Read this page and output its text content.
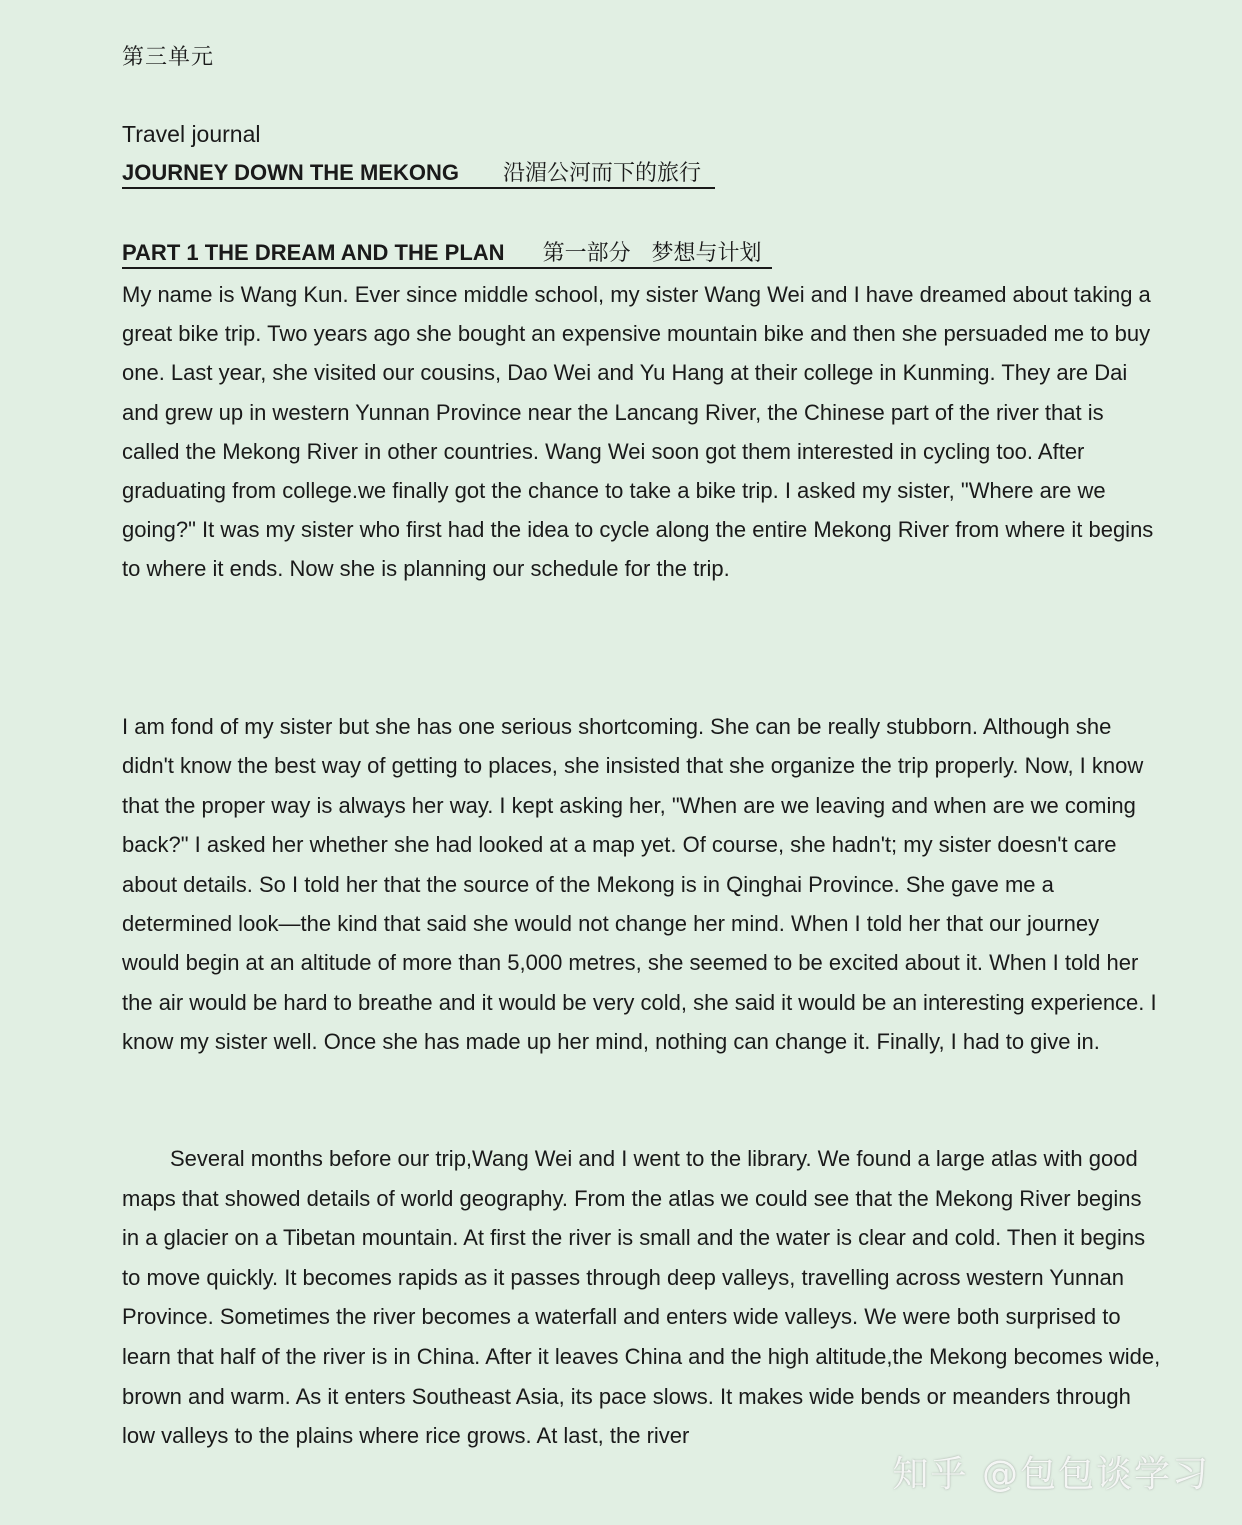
第三单元
Travel journal
JOURNEY DOWN THE MEKONG 沿湄公河而下的旅行
PART 1 THE DREAM AND THE PLAN 第一部分   梦想与计划

My name is Wang Kun. Ever since middle school, my sister Wang Wei and I have dreamed about taking a great bike trip. Two years ago she bought an expensive mountain bike and then she persuaded me to buy one. Last year, she visited our cousins, Dao Wei and Yu Hang at their college in Kunming. They are Dai and grew up in western Yunnan Province near the Lancang River, the Chinese part of the river that is called the Mekong River in other countries. Wang Wei soon got them interested in cycling too. After graduating from college.we finally got the chance to take a bike trip. I asked my sister, "Where are we going?" It was my sister who first had the idea to cycle along the entire Mekong River from where it begins to where it ends. Now she is planning our schedule for the trip.

I am fond of my sister but she has one serious shortcoming. She can be really stubborn. Although she didn't know the best way of getting to places, she insisted that she organize the trip properly. Now, I know that the proper way is always her way. I kept asking her, "When are we leaving and when are we coming back?" I asked her whether she had looked at a map yet. Of course, she hadn't; my sister doesn't care about details. So I told her that the source of the Mekong is in Qinghai Province. She gave me a determined look—the kind that said she would not change her mind. When I told her that our journey would begin at an altitude of more than 5,000 metres, she seemed to be excited about it. When I told her the air would be hard to breathe and it would be very cold, she said it would be an interesting experience. I know my sister well. Once she has made up her mind, nothing can change it. Finally, I had to give in.

Several months before our trip,Wang Wei and I went to the library. We found a large atlas with good maps that showed details of world geography. From the atlas we could see that the Mekong River begins in a glacier on a Tibetan mountain. At first the river is small and the water is clear and cold. Then it begins to move quickly. It becomes rapids as it passes through deep valleys, travelling across western Yunnan Province. Sometimes the river becomes a waterfall and enters wide valleys. We were both surprised to learn that half of the river is in China. After it leaves China and the high altitude,the Mekong becomes wide, brown and warm. As it enters Southeast Asia, its pace slows. It makes wide bends or meanders through low valleys to the plains where rice grows. At last, the river

知乎 @包包谈学习
